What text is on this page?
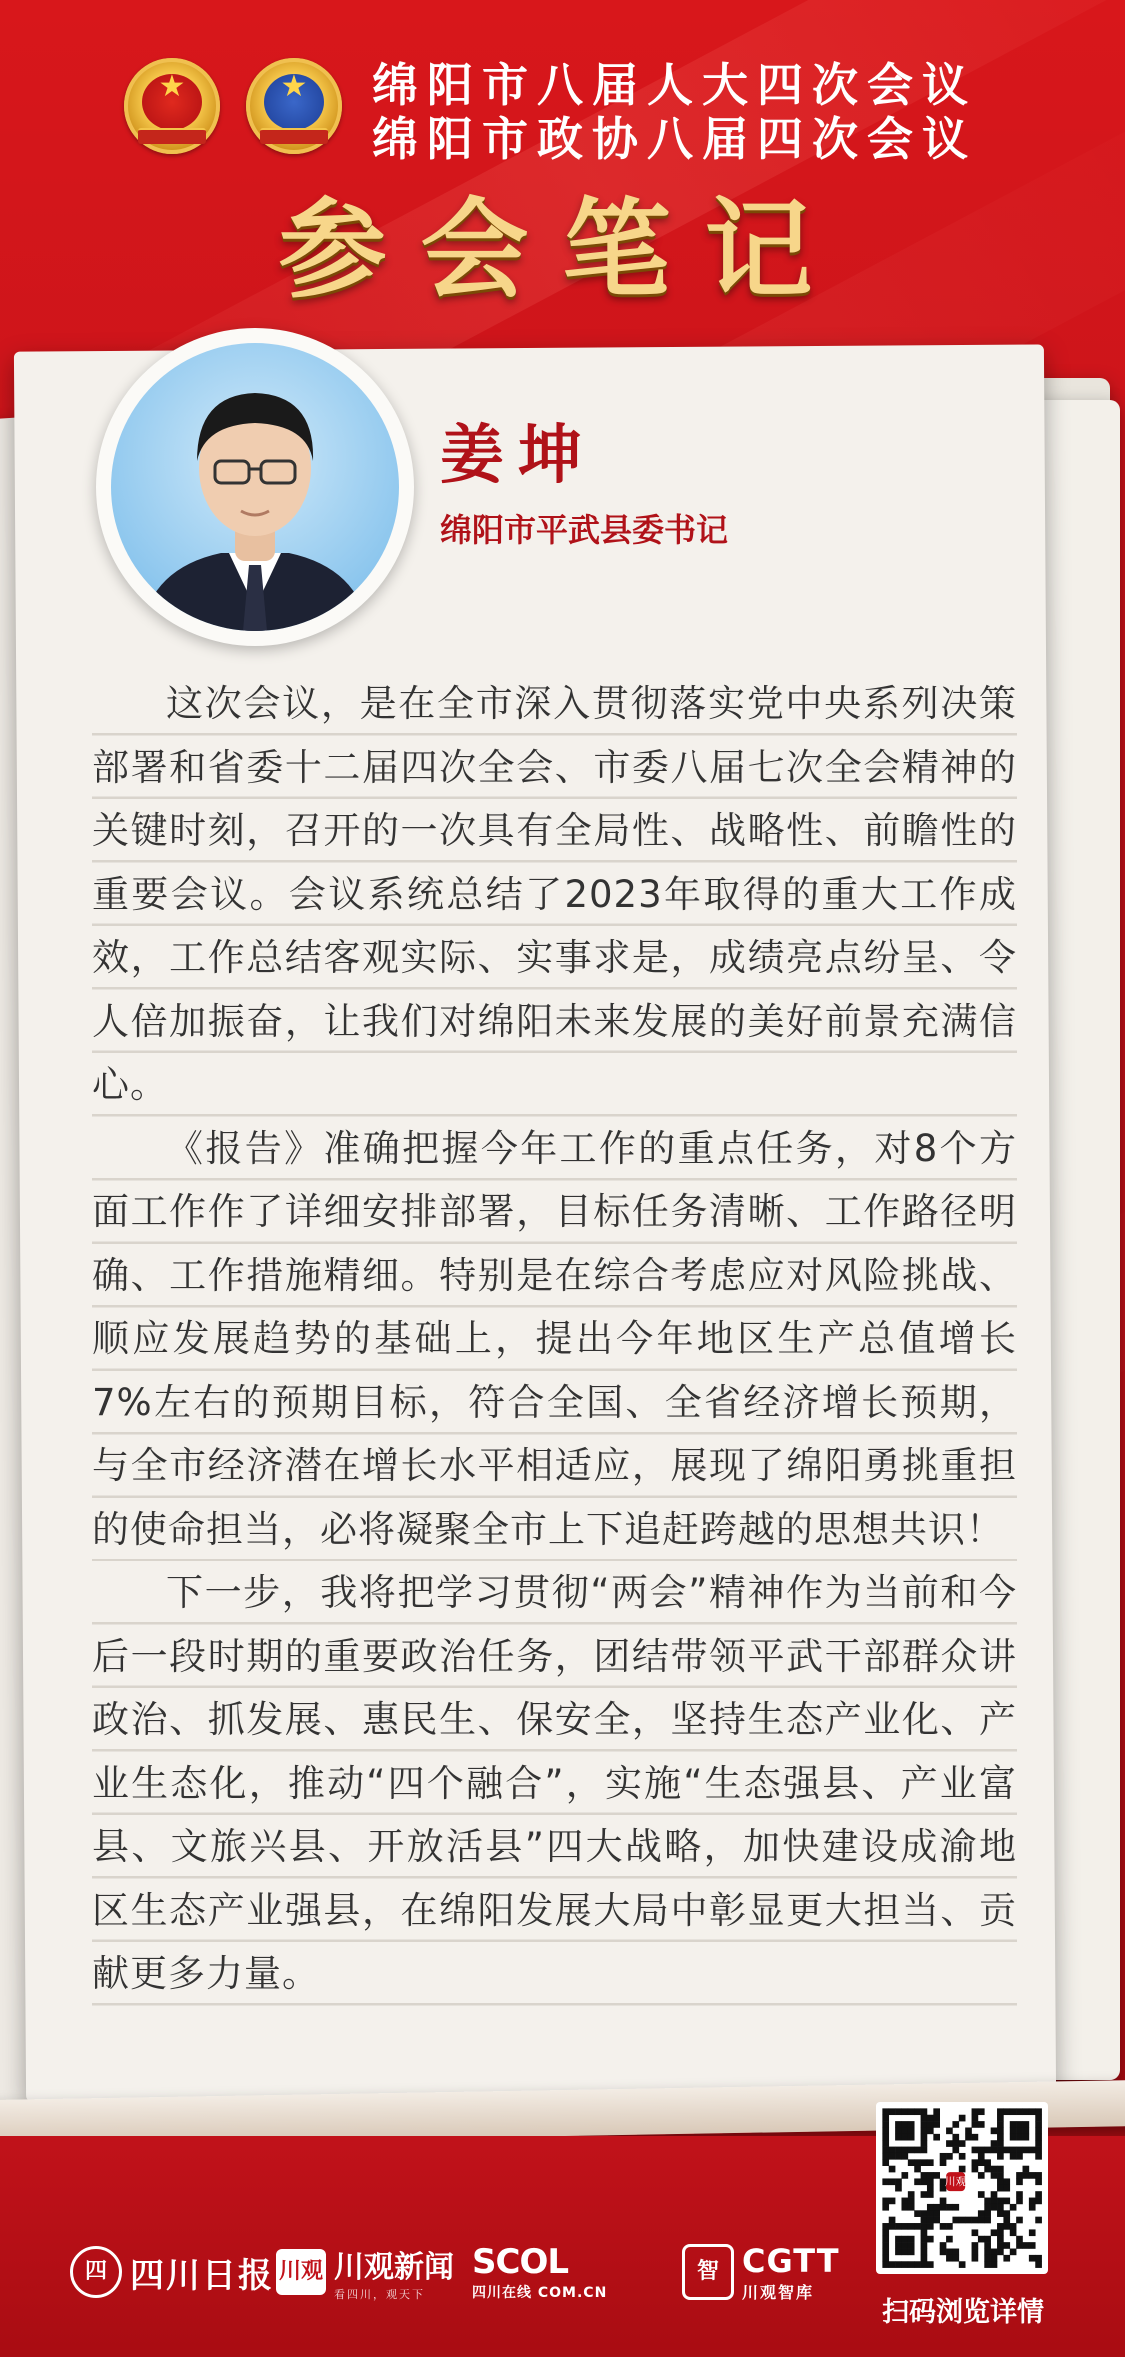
★	★	绵阳市八届人大四次会议
绵阳市政协八届四次会议
参会笔记
姜坤
绵阳市平武县委书记

这次会议，是在全市深入贯彻落实党中央系列决策部署和省委十二届四次全会、市委八届七次全会精神的关键时刻，召开的一次具有全局性、战略性、前瞻性的重要会议。会议系统总结了2023年取得的重大工作成效，工作总结客观实际、实事求是，成绩亮点纷呈、令人倍加振奋，让我们对绵阳未来发展的美好前景充满信心。

《报告》准确把握今年工作的重点任务，对8个方面工作作了详细安排部署，目标任务清晰、工作路径明确、工作措施精细。特别是在综合考虑应对风险挑战、顺应发展趋势的基础上，提出今年地区生产总值增长7%左右的预期目标，符合全国、全省经济增长预期，与全市经济潜在增长水平相适应，展现了绵阳勇挑重担的使命担当，必将凝聚全市上下追赶跨越的思想共识！

下一步，我将把学习贯彻“两会”精神作为当前和今后一段时期的重要政治任务，团结带领平武干部群众讲政治、抓发展、惠民生、保安全，坚持生态产业化、产业生态化，推动“四个融合”，实施“生态强县、产业富县、文旅兴县、开放活县”四大战略，加快建设成渝地区生态产业强县，在绵阳发展大局中彰显更大担当、贡献更多力量。

四 四川日报 川观 川观新闻
看四川，观天下
SCOL
四川在线 COM.CN
智 CGTT
川观智库
川观
扫码浏览详情
